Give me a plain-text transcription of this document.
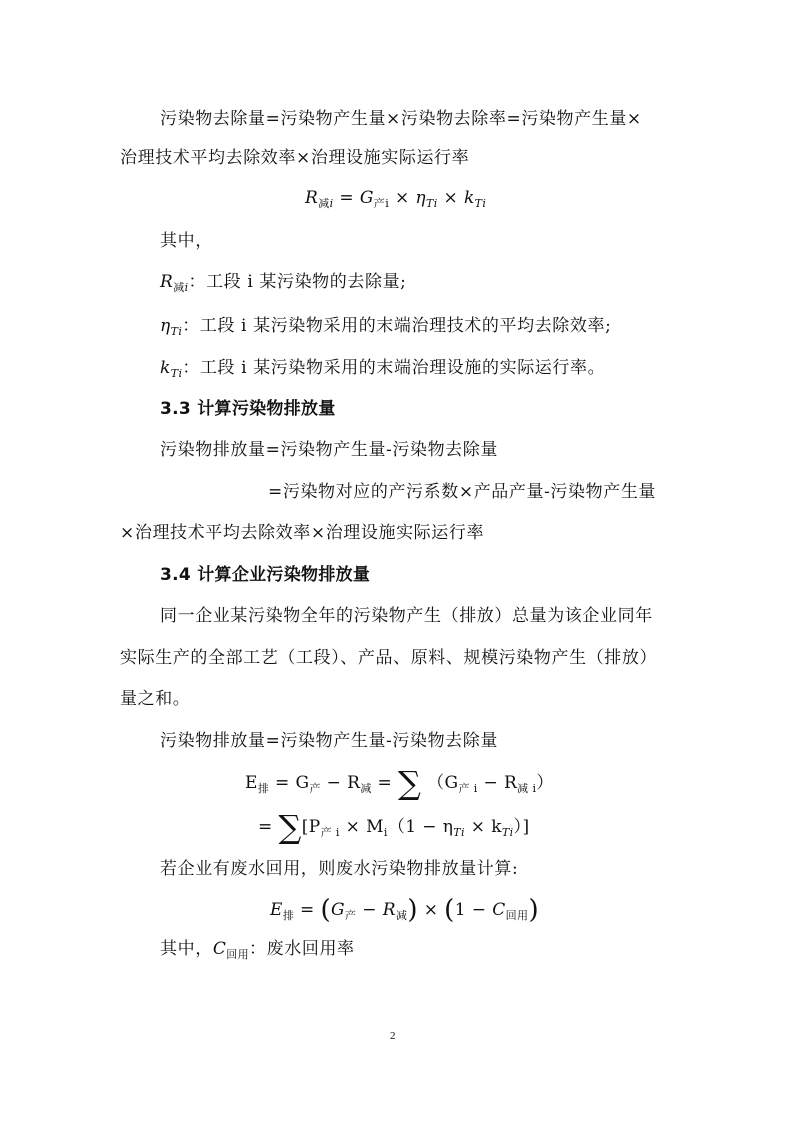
污染物去除量=污染物产生量×污染物去除率=污染物产生量×
治理技术平均去除效率×治理设施实际运行率
$R_{减i} = G_{产i} \times \eta_{Ti} \times k_{Ti}$
其中，
$R_{减i}$：工段 i 某污染物的去除量;
$\eta_{Ti}$：工段 i 某污染物采用的末端治理技术的平均去除效率;
$k_{Ti}$：工段 i 某污染物采用的末端治理设施的实际运行率。
3.3 计算污染物排放量
污染物排放量=污染物产生量-污染物去除量
=污染物对应的产污系数×产品产量-污染物产生量
×治理技术平均去除效率×治理设施实际运行率
3.4 计算企业污染物排放量
同一企业某污染物全年的污染物产生（排放）总量为该企业同年
实际生产的全部工艺（工段）、产品、原料、规模污染物产生（排放）
量之和。
污染物排放量=污染物产生量-污染物去除量
$E_排 = G_产 - R_减$ = ∑ $(G_{产 i} - R_{减 i})$
= $\sum[P_{产 i} \times M_i(1 - \eta_{Ti} \times k_{Ti})]$
若企业有废水回用，则废水污染物排放量计算:
$E_排 = (G_产 - R_减) \times (1 - C_{回用})$
其中，$C_{回用}$：废水回用率
2
